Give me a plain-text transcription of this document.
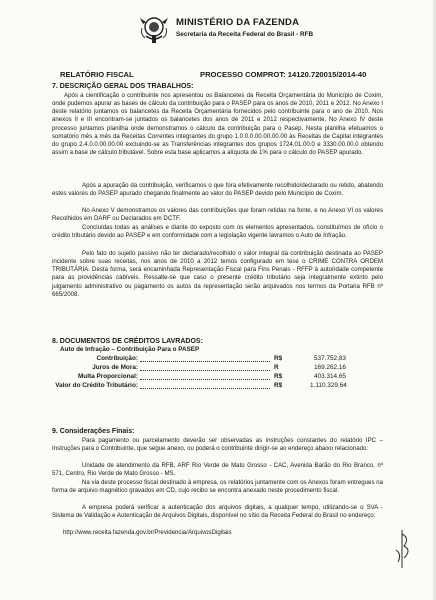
MINISTÉRIO DA FAZENDA
Secretaria da Receita Federal do Brasil - RFB
RELATÓRIO FISCAL	PROCESSO COMPROT: 14120.720015/2014-40
7. DESCRIÇÃO GERAL DOS TRABALHOS:
Após a cientificação o contribuinte nos apresentou os Balancetes da Receita Orçamentária do Município de Coxim, onde pudemos apurar as bases de cálculo da contribuição para o PASEP para os anos de 2010, 2011 e 2012. No Anexo I deste relatório juntamos os balancetes da Receita Orçamentária fornecidos pelo contribuinte para o ano de 2010. Nos anexos II e III encontram-se juntados os balancetes dos anos de 2011 e 2012 respectivamente. No Anexo IV deste processo juntamos planilha onde demonstramos o cálculo da contribuição para o Pasep. Nesta planilha efetuamos o somatório mês a mês da Receitas Correntes integrantes do grupo 1.0.0.0.00.00.00.00 às Receitas de Capital integrantes do grupo 2.4.0.0.00.00.00 excluindo-se as Transferências integrantes dos grupos 1724.01.00.0 e 3330.00.00.0 obtendo assim a base de cálculo tributável. Sobre esta base aplicamos a alíquota de 1% para o cálculo do PASEP apurado.
Após a apuração da contribuição, verificamos o que fora efetivamente recolhido/declarado ou retido, abatendo estes valores do PASEP apurado chegando finalmente ao valor do PASEP devido pelo Município de Coxim.
No Anexo V demonstramos os valores das contribuições que foram retidas na fonte, e no Anexo VI os valores Recolhidos em DARF ou Declarados em DCTF.
Concluídas todas as análises e diante do exposto com os elementos apresentados, constituímos de ofício o crédito tributário devido ao PASEP e em conformidade com a legislação vigente lavramos o Auto de Infração.
Pelo fato do sujeito passivo não ter declarado/recolhido o valor integral da contribuição destinada ao PASEP incidente sobre suas receitas, nos anos de 2010 a 2012 temos configurado em tese o CRIME CONTRA ORDEM TRIBUTÁRIA. Desta forma, será encaminhada Representação Fiscal para Fins Penais - RFFP à autoridade competente para as providências cabíveis. Ressalte-se que caso o presente crédito tributário seja integralmente extinto pelo julgamento administrativo ou pagamento os autos da representação serão arquivados nos termos da Portaria RFB nº 665/2008.
8. DOCUMENTOS DE CRÉDITOS LAVRADOS:
Auto de Infração – Contribuição Para o PASEP
Contribuição:	R$	537.752,83
Juros de Mora:	R	169.262,16
Multa Proporcional:	R$	403.314,65
Valor do Crédito Tributário:	R$	1.110.329,64
9. Considerações Finais:
Para pagamento ou parcelamento deverão ser observadas as instruções constantes do relatório IPC – Instruções para o Contribuinte, que segue anexo, ou poderá o contribuinte dirigir-se ao endereço abaixo relacionado:
Unidade de atendimento da RFB, ARF Rio Verde de Mato Grosso - CAC, Avenida Barão do Rio Branco, nº 571, Centro, Rio Verde de Mato Grosso - MS.
Na via deste processo fiscal destinado à empresa, os relatórios juntamente com os Anexos foram entregues na forma de arquivo magnético gravados em CD, cujo recibo se encontra anexado neste procedimento fiscal.
A empresa poderá verificar a autenticação dos arquivos digitais, a qualquer tempo, utilizando-se o SVA - Sistema de Validação e Autenticação de Arquivos Digitais, disponível no sítio da Receita Federal do Brasil no endereço:
http://www.receita.fazenda.gov.br/Previdencia/ArquivosDigitais
